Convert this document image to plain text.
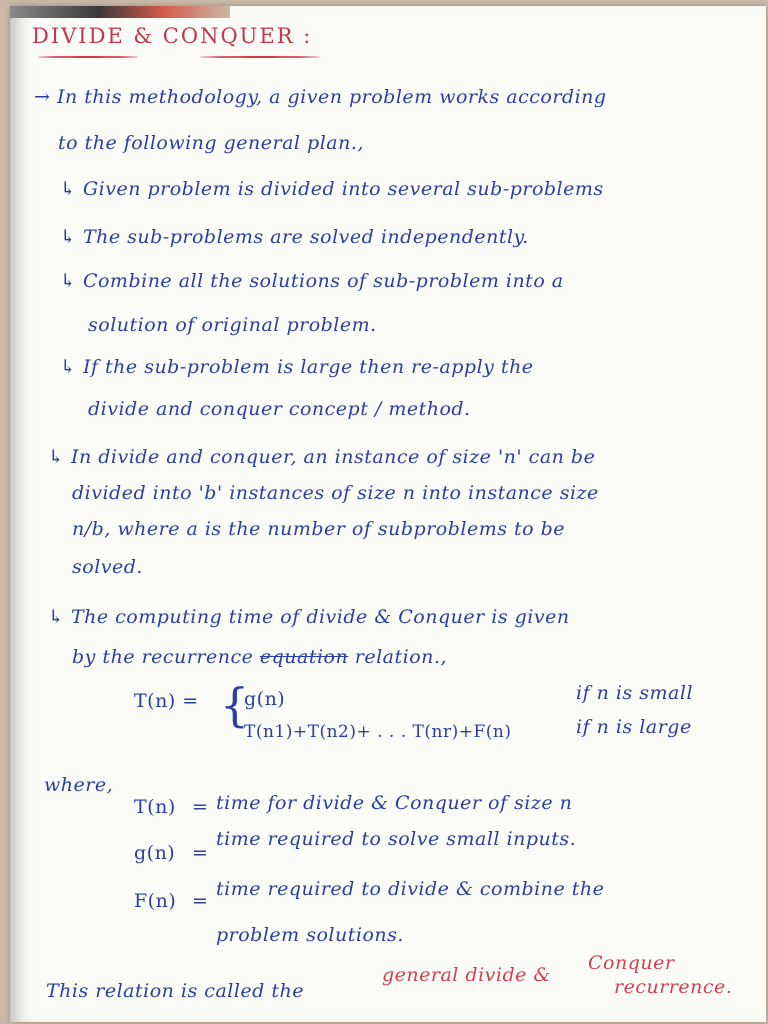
DIVIDE & CONQUER :
→ In this methodology, a given problem works according
to the following general plan.,
↳ Given problem is divided into several sub-problems
↳ The sub-problems are solved independently.
↳ Combine all the solutions of sub-problem into a
solution of original problem.
↳ If the sub-problem is large then re-apply the
divide and conquer concept / method.
↳ In divide and conquer, an instance of size 'n' can be
divided into 'b' instances of size n into instance size
n/b, where a is the number of subproblems to be
solved.
↳ The computing time of divide & Conquer is given
by the recurrence equation relation.,
T(n) = {
g(n)	if n is small
T(n1)+T(n2)+ . . . T(nr)+F(n)	if n is large
where,
T(n) = time for divide & Conquer of size n
g(n) =
time required to solve small inputs.
F(n) =
time required to divide & combine the
problem solutions.
This relation is called the
general divide &
Conquer
recurrence.
